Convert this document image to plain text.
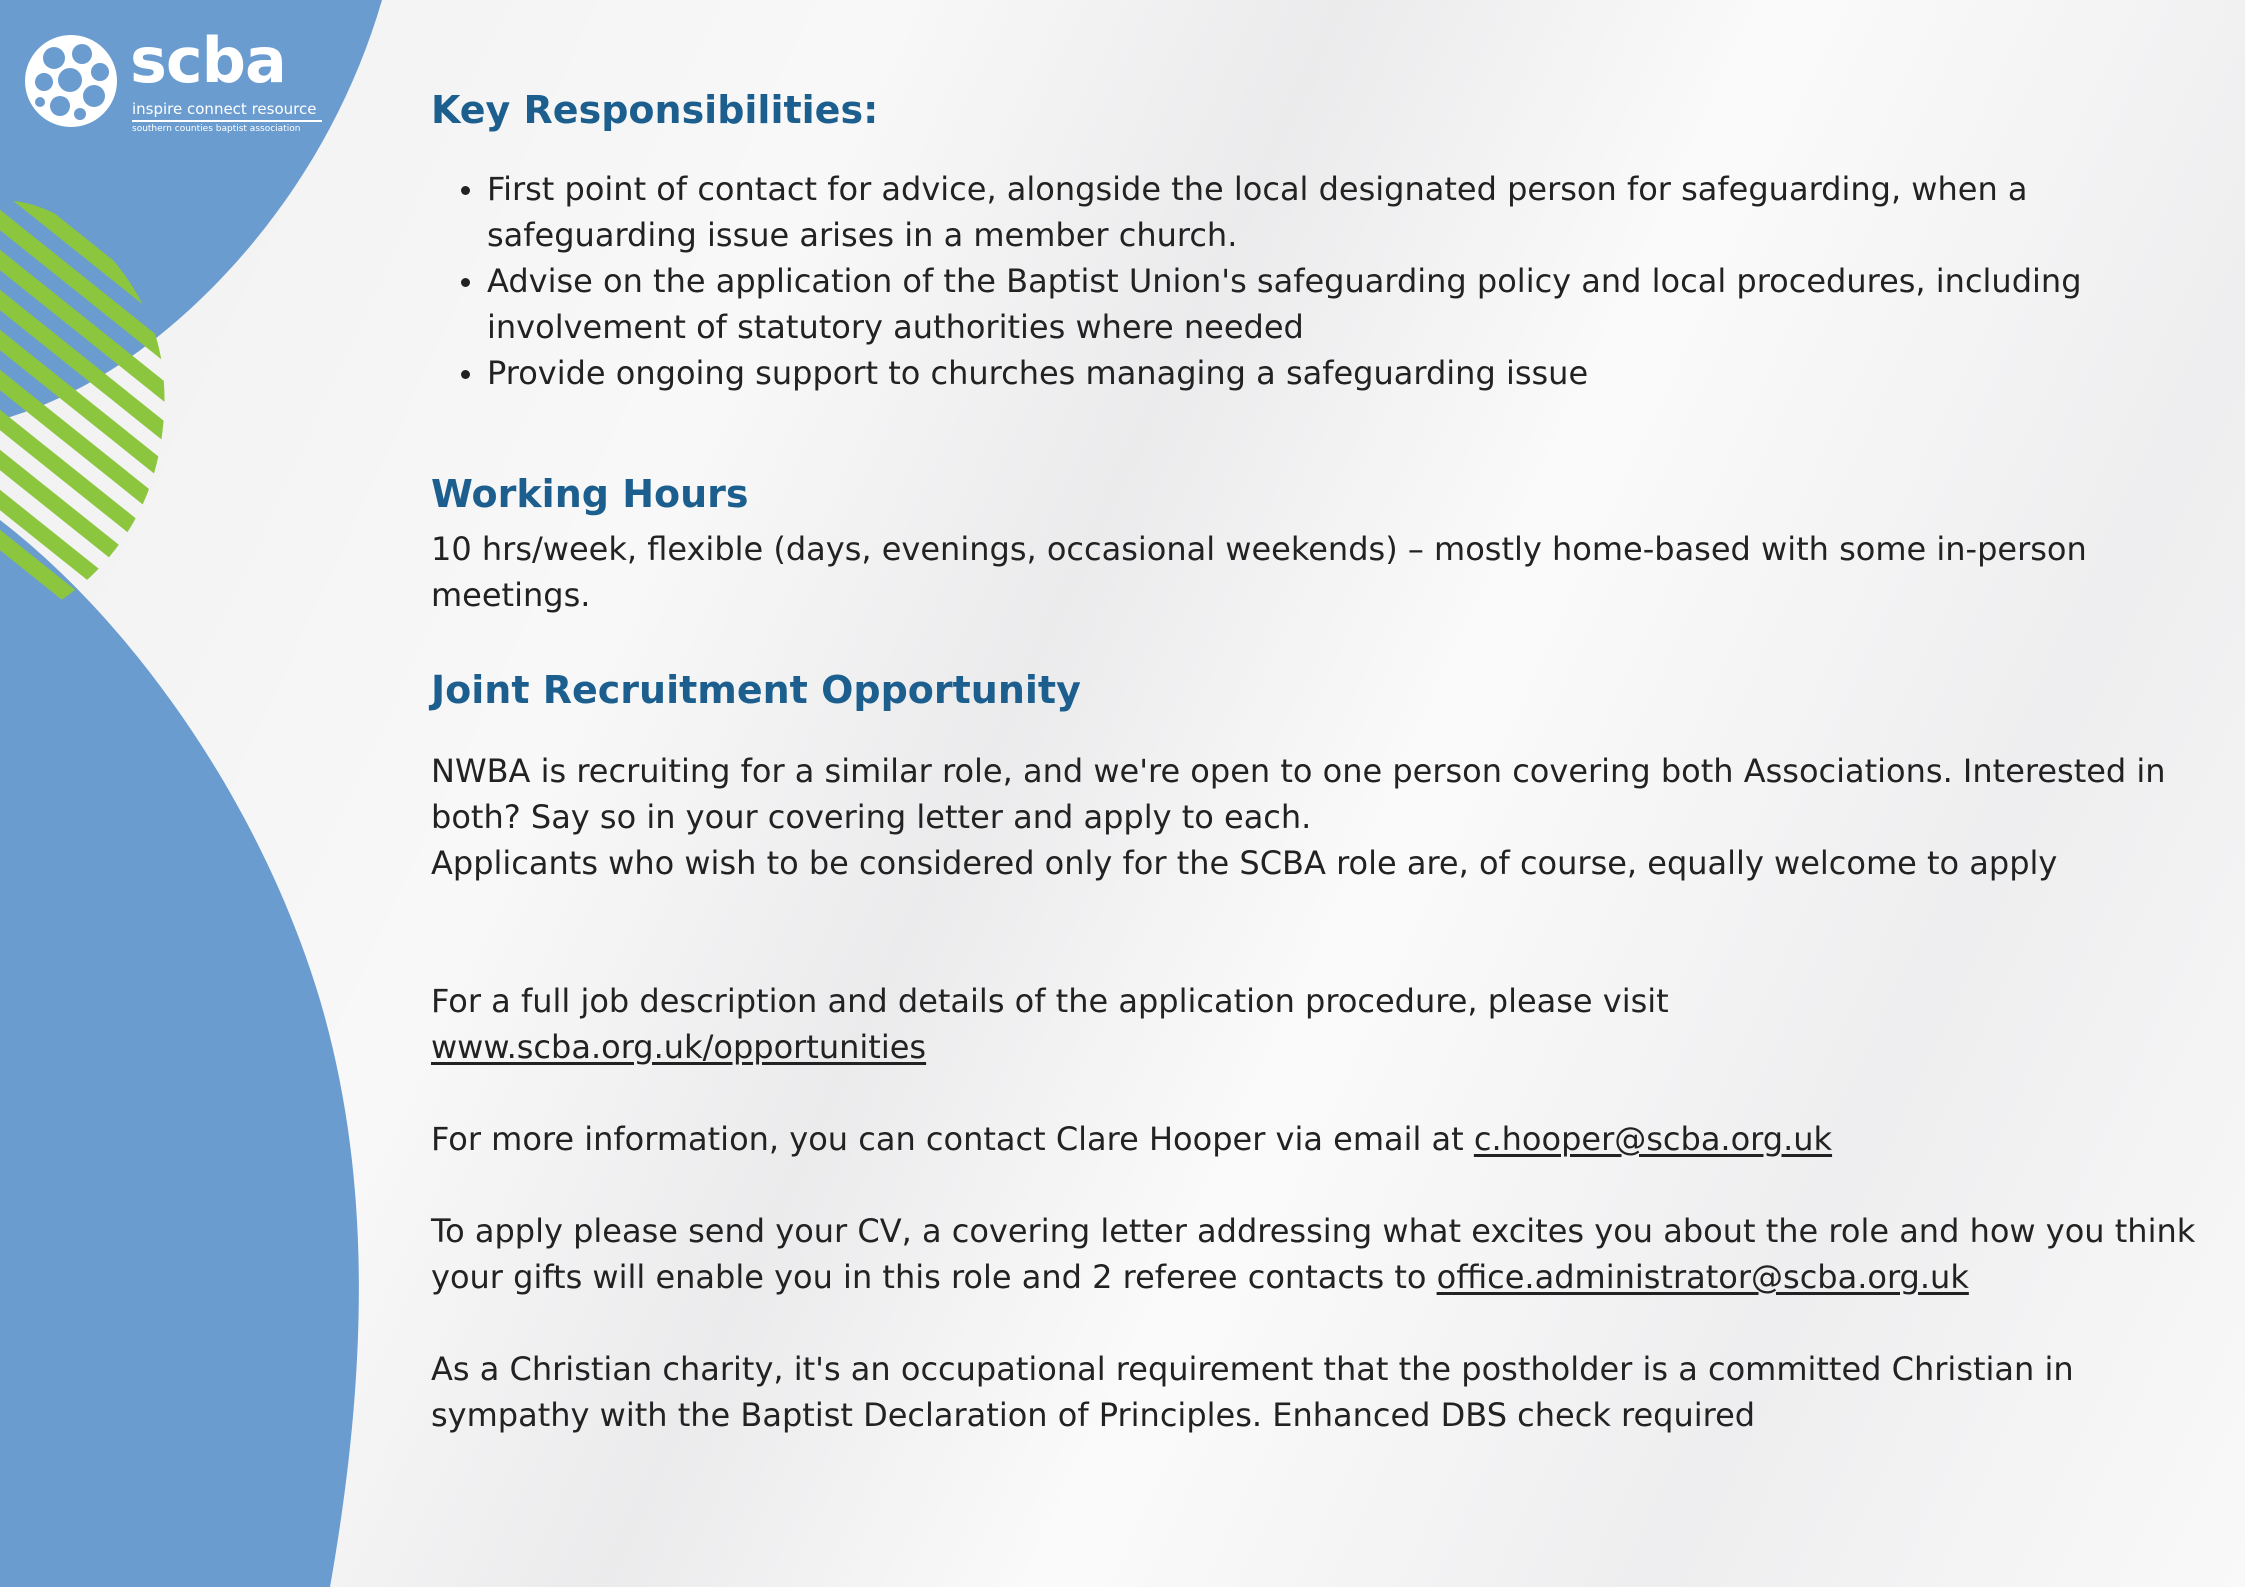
scba
inspire connect resource
southern counties baptist association	Key Responsibilities:
First point of contact for advice, alongside the local designated person for safeguarding, when a safeguarding issue arises in a member church.
Advise on the application of the Baptist Union's safeguarding policy and local procedures, including involvement of statutory authorities where needed
Provide ongoing support to churches managing a safeguarding issue
Working Hours

10 hrs/week, flexible (days, evenings, occasional weekends) – mostly home-based with some in-person meetings.

Joint Recruitment Opportunity

NWBA is recruiting for a similar role, and we're open to one person covering both Associations. Interested in both? Say so in your covering letter and apply to each.

Applicants who wish to be considered only for the SCBA role are, of course, equally welcome to apply

For a full job description and details of the application procedure, please visit

www.scba.org.uk/opportunities

For more information, you can contact Clare Hooper via email at c.hooper@scba.org.uk

To apply please send your CV, a covering letter addressing what excites you about the role and how you think your gifts will enable you in this role and 2 referee contacts to office.administrator@scba.org.uk

As a Christian charity, it's an occupational requirement that the postholder is a committed Christian in sympathy with the Baptist Declaration of Principles. Enhanced DBS check required
